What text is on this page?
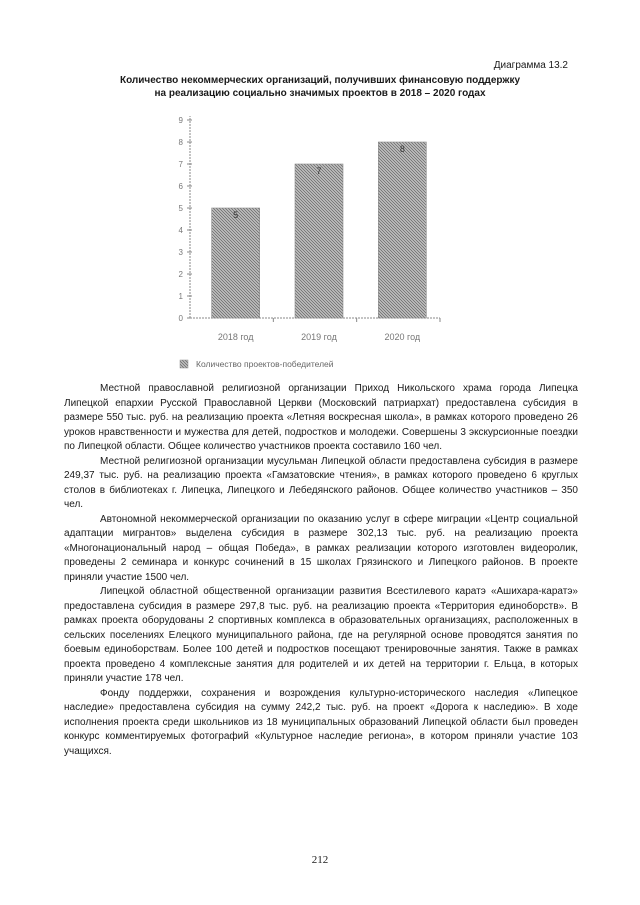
Диаграмма 13.2
Количество некоммерческих организаций, получивших финансовую поддержку
на реализацию социально значимых проектов в 2018 – 2020 годах
0
1
2
3
4
5
6
7
8
9
5
2018 год
7
2019 год
8
2020 год
Количество проектов-победителей

Местной православной религиозной организации Приход Никольского храма города Липецка Липецкой епархии Русской Православной Церкви (Московский патриархат) предоставлена субсидия в размере 550 тыс. руб. на реализацию проекта «Летняя воскресная школа», в рамках которого проведено 26 уроков нравственности и мужества для детей, подростков и молодежи. Совершены 3 экскурсионные поездки по Липецкой области. Общее количество участников проекта составило 160 чел.

Местной религиозной организации мусульман Липецкой области предоставлена субсидия в размере 249,37 тыс. руб. на реализацию проекта «Гамзатовские чтения», в рамках которого проведено 6 круглых столов в библиотеках г. Липецка, Липецкого и Лебедянского районов. Общее количество участников – 350 чел.

Автономной некоммерческой организации по оказанию услуг в сфере миграции «Центр социальной адаптации мигрантов» выделена субсидия в размере 302,13 тыс. руб. на реализацию проекта «Многонациональный народ – общая Победа», в рамках реализации которого изготовлен видеоролик, проведены 2 семинара и конкурс сочинений в 15 школах Грязинского и Липецкого районов. В проекте приняли участие 1500 чел.

Липецкой областной общественной организации развития Всестилевого каратэ «Ашихара-каратэ» предоставлена субсидия в размере 297,8 тыс. руб. на реализацию проекта «Территория единоборств». В рамках проекта оборудованы 2 спортивных комплекса в образовательных организациях, расположенных в сельских поселениях Елецкого муниципального района, где на регулярной основе проводятся занятия по боевым единоборствам. Более 100 детей и подростков посещают тренировочные занятия. Также в рамках проекта проведено 4 комплексные занятия для родителей и их детей на территории г. Ельца, в которых приняли участие 178 чел.

Фонду поддержки, сохранения и возрождения культурно-исторического наследия «Липецкое наследие» предоставлена субсидия на сумму 242,2 тыс. руб. на проект «Дорога к наследию». В ходе исполнения проекта среди школьников из 18 муниципальных образований Липецкой области был проведен конкурс комментируемых фотографий «Культурное наследие региона», в котором приняли участие 103 учащихся.

212
